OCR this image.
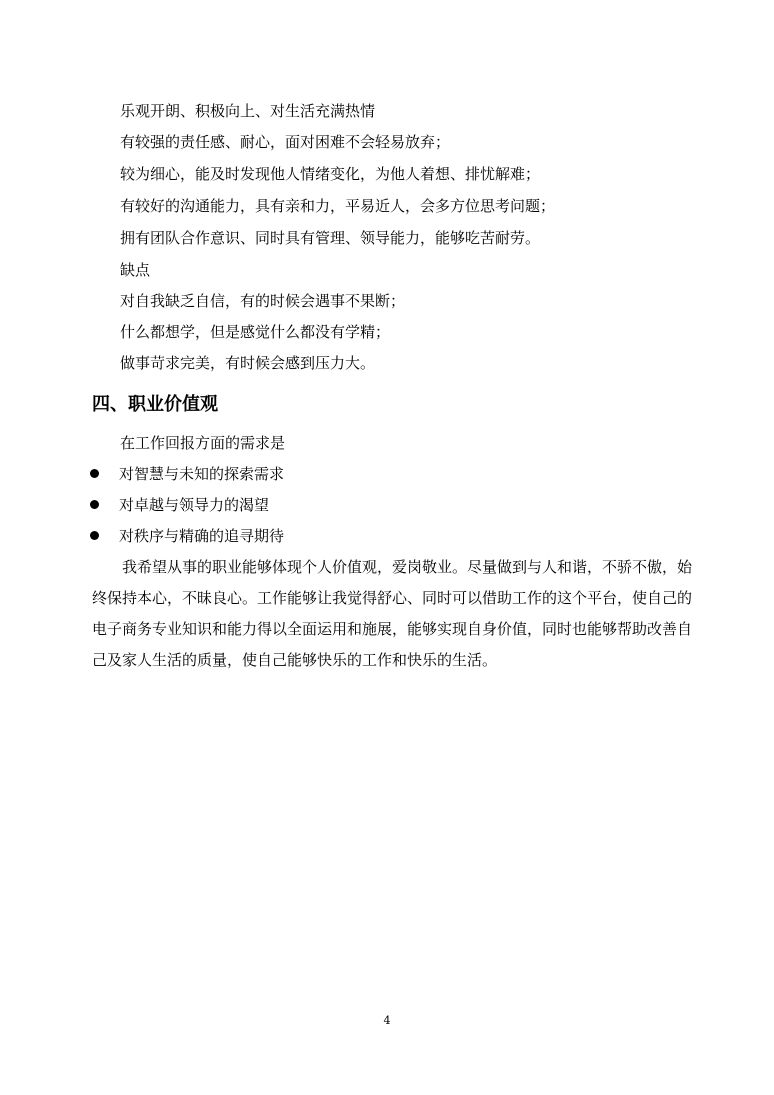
乐观开朗、积极向上、对生活充满热情
有较强的责任感、耐心，面对困难不会轻易放弃；
较为细心，能及时发现他人情绪变化，为他人着想、排忧解难；
有较好的沟通能力，具有亲和力，平易近人，会多方位思考问题；
拥有团队合作意识、同时具有管理、领导能力，能够吃苦耐劳。
缺点
对自我缺乏自信，有的时候会遇事不果断；
什么都想学，但是感觉什么都没有学精；
做事苛求完美，有时候会感到压力大。
四、职业价值观
在工作回报方面的需求是
对智慧与未知的探索需求
对卓越与领导力的渴望
对秩序与精确的追寻期待
我希望从事的职业能够体现个人价值观，爱岗敬业。尽量做到与人和谐，不骄不傲，始终保持本心，不昧良心。工作能够让我觉得舒心、同时可以借助工作的这个平台，使自己的电子商务专业知识和能力得以全面运用和施展，能够实现自身价值，同时也能够帮助改善自己及家人生活的质量，使自己能够快乐的工作和快乐的生活。
4
